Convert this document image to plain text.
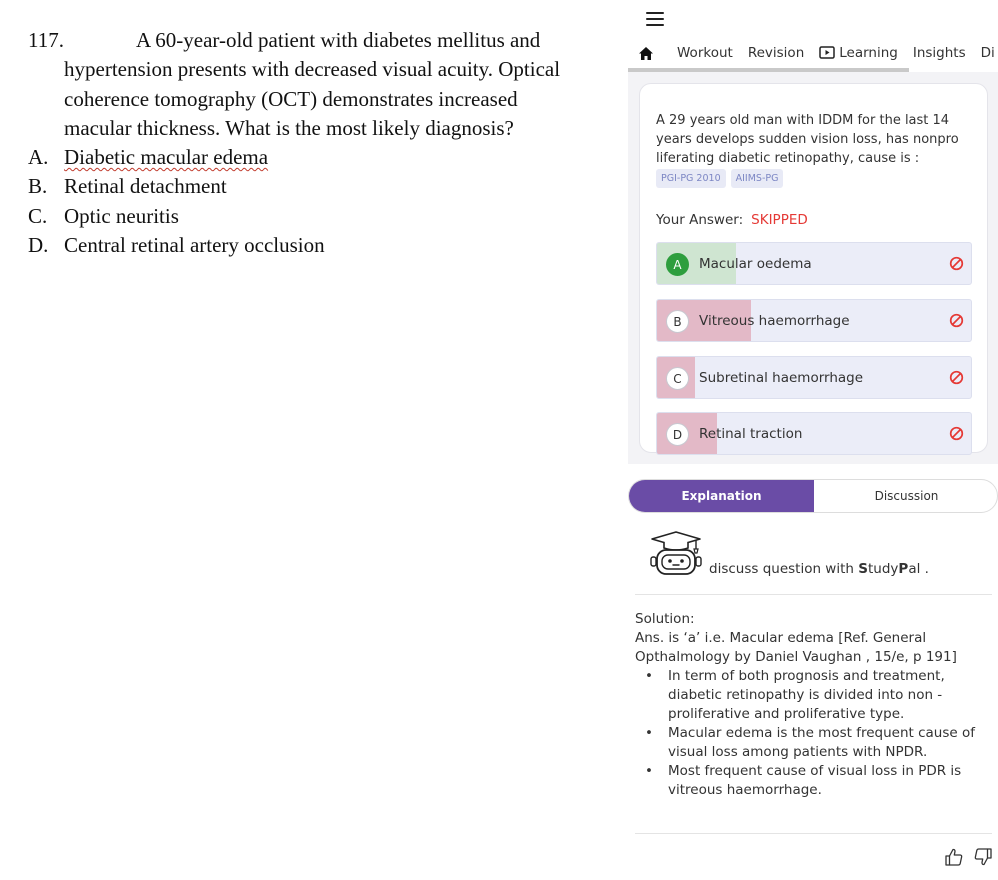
117.	A 60-year-old patient with diabetes mellitus and
hypertension presents with decreased visual acuity. Optical
coherence tomography (OCT) demonstrates increased
macular thickness. What is the most likely diagnosis?
A. Diabetic macular edema
B. Retinal detachment
C. Optic neuritis
D. Central retinal artery occlusion
Workout Revision	Learning Insights Di
A 29 years old man with IDDM for the last 14 years develops sudden vision loss, has nonpro liferating diabetic retinopathy, cause is :
PGI-PG 2010	AIIMS-PG
Your Answer: SKIPPED
A	Macular oedema
B	Vitreous haemorrhage
C	Subretinal haemorrhage
D	Retinal traction
Explanation	Discussion
discuss question with StudyPal .
Solution:
Ans. is ‘a’ i.e. Macular edema [Ref. General Opthalmology by Daniel Vaughan , 15/e, p 191]
• In term of both prognosis and treatment, diabetic retinopathy is divided into non - proliferative and proliferative type.
• Macular edema is the most frequent cause of visual loss among patients with NPDR.
• Most frequent cause of visual loss in PDR is vitreous haemorrhage.
